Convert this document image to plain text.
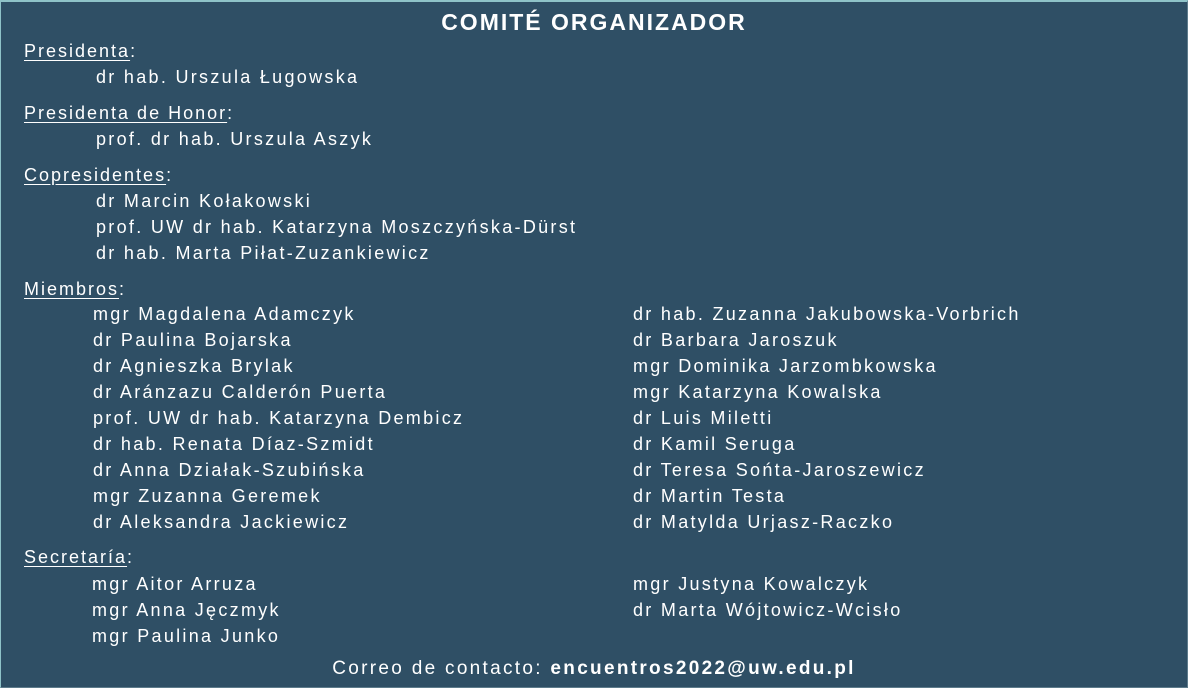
COMITÉ ORGANIZADOR
Presidenta:
dr hab. Urszula Ługowska
Presidenta de Honor:
prof. dr hab. Urszula Aszyk
Copresidentes:
dr Marcin Kołakowski
prof. UW dr hab. Katarzyna Moszczyńska-Dürst
dr hab. Marta Piłat-Zuzankiewicz
Miembros:
mgr Magdalena Adamczyk
dr Paulina Bojarska
dr Agnieszka Brylak
dr Aránzazu Calderón Puerta
prof. UW dr hab. Katarzyna Dembicz
dr hab. Renata Díaz-Szmidt
dr Anna Działak-Szubińska
mgr Zuzanna Geremek
dr Aleksandra Jackiewicz
dr hab. Zuzanna Jakubowska-Vorbrich
dr Barbara Jaroszuk
mgr Dominika Jarzombkowska
mgr Katarzyna Kowalska
dr Luis Miletti
dr Kamil Seruga
dr Teresa Sońta-Jaroszewicz
dr Martin Testa
dr Matylda Urjasz-Raczko
Secretaría:
mgr Aitor Arruza
mgr Anna Jęczmyk
mgr Paulina Junko
mgr Justyna Kowalczyk
dr Marta Wójtowicz-Wcisło
Correo de contacto: encuentros2022@uw.edu.pl
